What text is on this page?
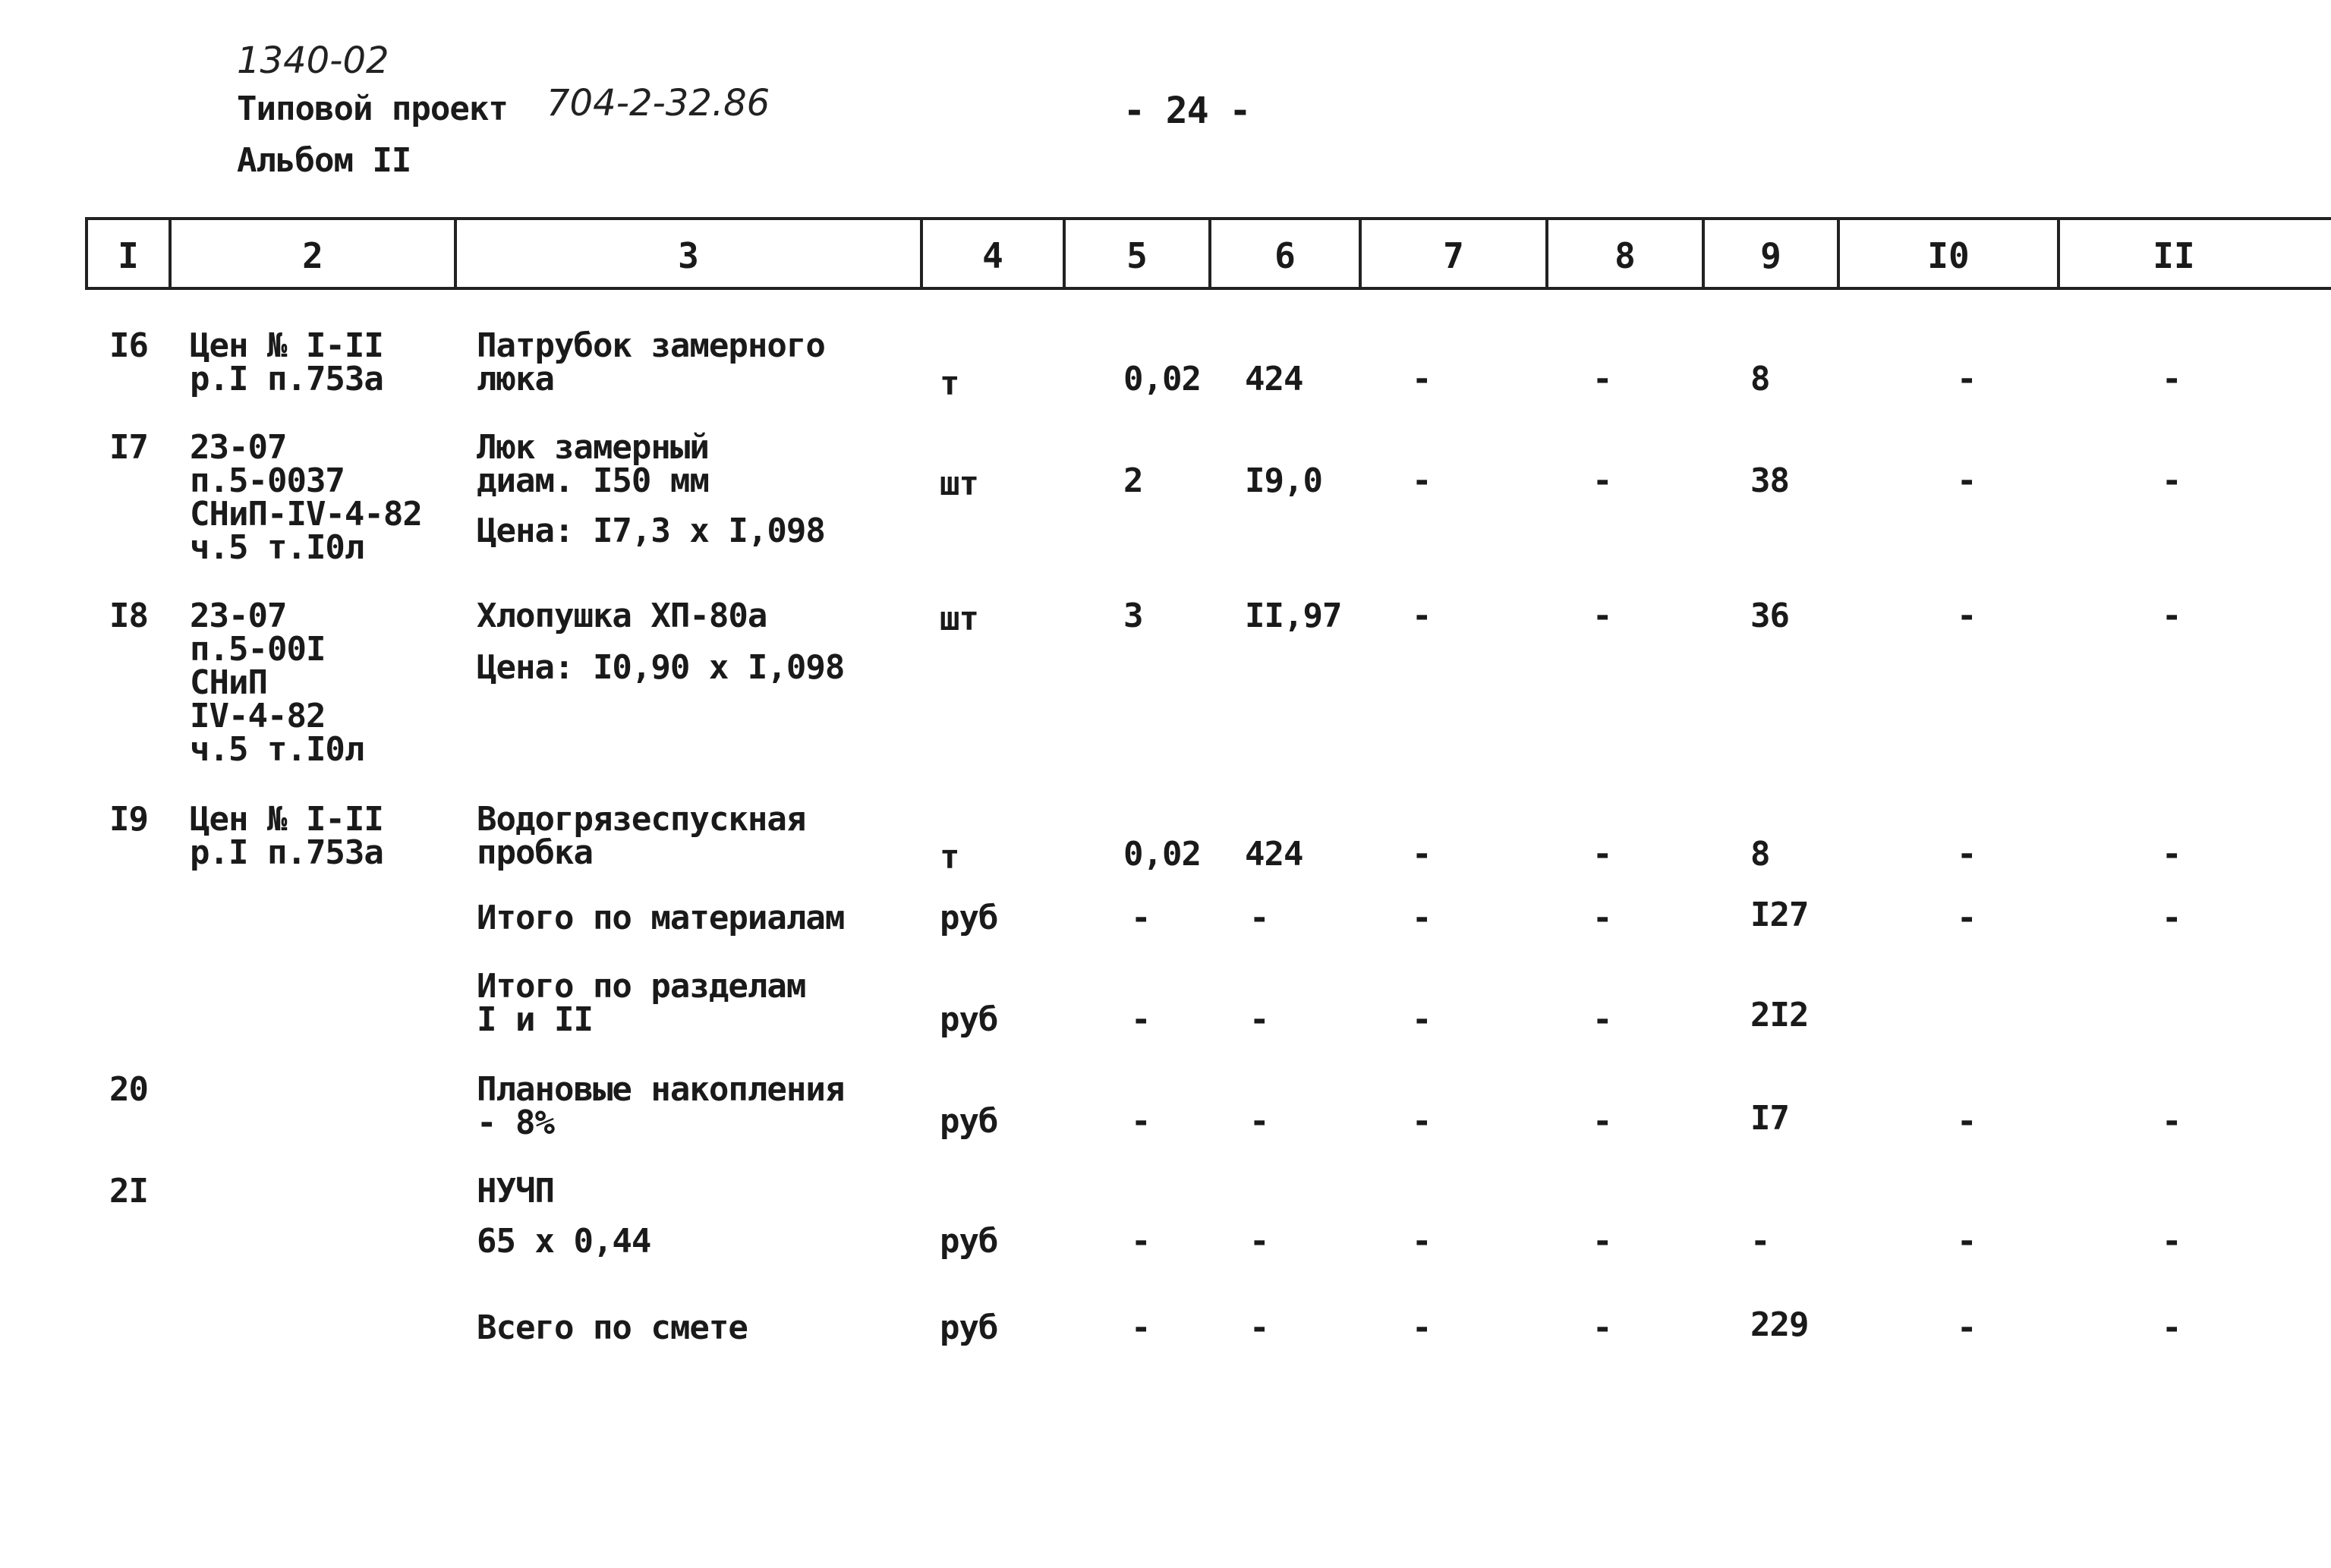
1340-02
Типовой проект 704-2-32.86
Альбом II
- 24 -
I	2	3	4	5	6	7	8	9	I0	II
I6 Цен № I-II
р.I п.753а
Патрубок замерного
люка	т	0,02 424	-	-	8	-	-
I7 23-07
п.5-0037
СНиП-IV-4-82
ч.5 т.I0л
Люк замерный
диам. I50 мм
Цена: I7,3 х I,098
шт	2	I9,0	-	-	38	-	-
I8 23-07
п.5-00I
СНиП
IV-4-82
ч.5 т.I0л
Хлопушка ХП-80а
Цена: I0,90 х I,098
шт	3	II,97 -	-	36	-	-
I9 Цен № I-II
р.I п.753а
Водогрязеспускная
пробка	т	0,02 424	-	-	8	-	-
Итого по материалам	руб	-	-	-	-	I27	-	-
Итого по разделам
I и II	руб	-	-	-	-	2I2
20	Плановые накопления
- 8%	руб	-	-	-	-	I7	-	-
2I	НУЧП
65 х 0,44	руб	-	-	-	-	-	-	-
Всего по смете	руб	-	-	-	-	229	-	-
